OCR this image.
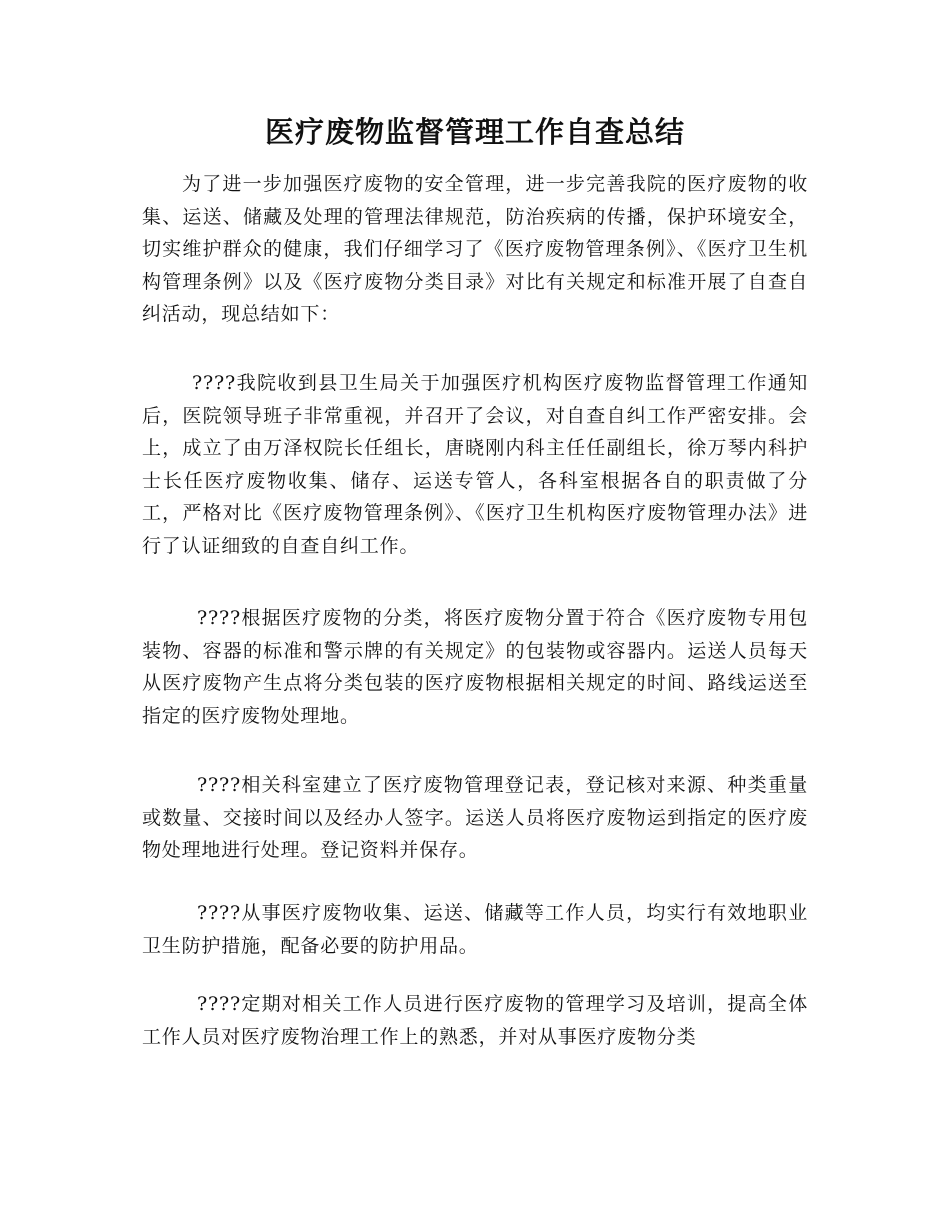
医疗废物监督管理工作自查总结

为了进一步加强医疗废物的安全管理，进一步完善我院的医疗废物的收集、运送、储藏及处理的管理法律规范，防治疾病的传播，保护环境安全，切实维护群众的健康，我们仔细学习了《医疗废物管理条例》、《医疗卫生机构管理条例》以及《医疗废物分类目录》对比有关规定和标准开展了自查自纠活动，现总结如下：

????我院收到县卫生局关于加强医疗机构医疗废物监督管理工作通知后，医院领导班子非常重视，并召开了会议，对自查自纠工作严密安排。会上，成立了由万泽权院长任组长，唐晓刚内科主任任副组长，徐万琴内科护士长任医疗废物收集、储存、运送专管人，各科室根据各自的职责做了分工，严格对比《医疗废物管理条例》、《医疗卫生机构医疗废物管理办法》进行了认证细致的自查自纠工作。

????根据医疗废物的分类，将医疗废物分置于符合《医疗废物专用包装物、容器的标准和警示牌的有关规定》的包装物或容器内。运送人员每天从医疗废物产生点将分类包装的医疗废物根据相关规定的时间、路线运送至指定的医疗废物处理地。

????相关科室建立了医疗废物管理登记表，登记核对来源、种类重量或数量、交接时间以及经办人签字。运送人员将医疗废物运到指定的医疗废物处理地进行处理。登记资料并保存。

????从事医疗废物收集、运送、储藏等工作人员，均实行有效地职业卫生防护措施，配备必要的防护用品。

????定期对相关工作人员进行医疗废物的管理学习及培训，提高全体工作人员对医疗废物治理工作上的熟悉，并对从事医疗废物分类
